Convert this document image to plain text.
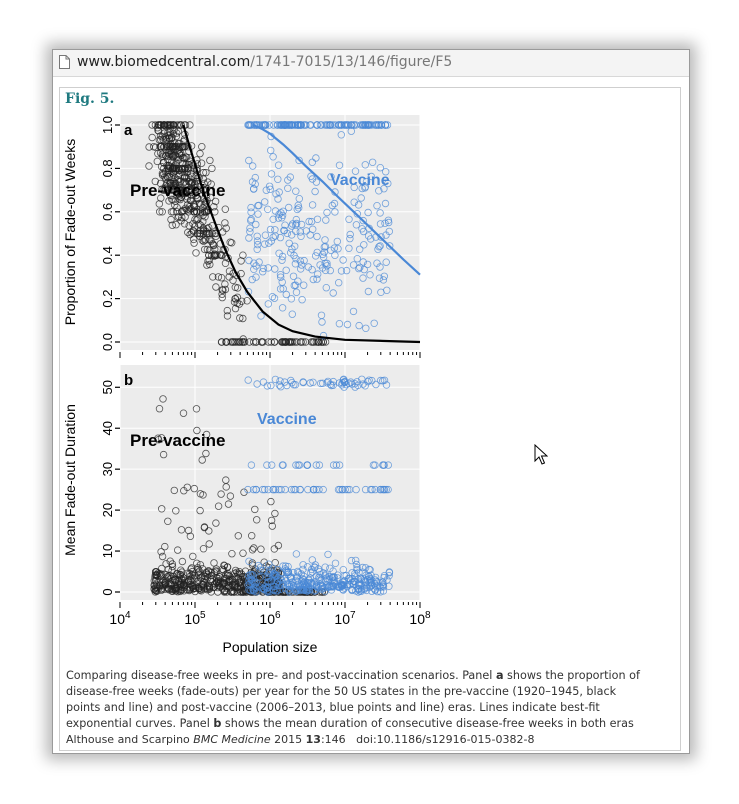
www.biomedcentral.com/1741-7015/13/146/figure/F5
Fig. 5.
a
Pre-vaccine
Vaccine
0.0
0.2
0.4
0.6
0.8
1.0
Proportion of Fade-out Weeks
b
Pre-vaccine
Vaccine
0
10
20
30
40
50
Mean Fade-out Duration
$10^4$	$10^5$	$10^6$	$10^7$	$10^8$
Population size
Comparing disease-free weeks in pre- and post-vaccination scenarios. Panel a shows the proportion of
disease-free weeks (fade-outs) per year for the 50 US states in the pre-vaccine (1920–1945, black
points and line) and post-vaccine (2006–2013, blue points and line) eras. Lines indicate best-fit
exponential curves. Panel b shows the mean duration of consecutive disease-free weeks in both eras
Althouse and Scarpino BMC Medicine 2015 13:146 doi:10.1186/s12916-015-0382-8
